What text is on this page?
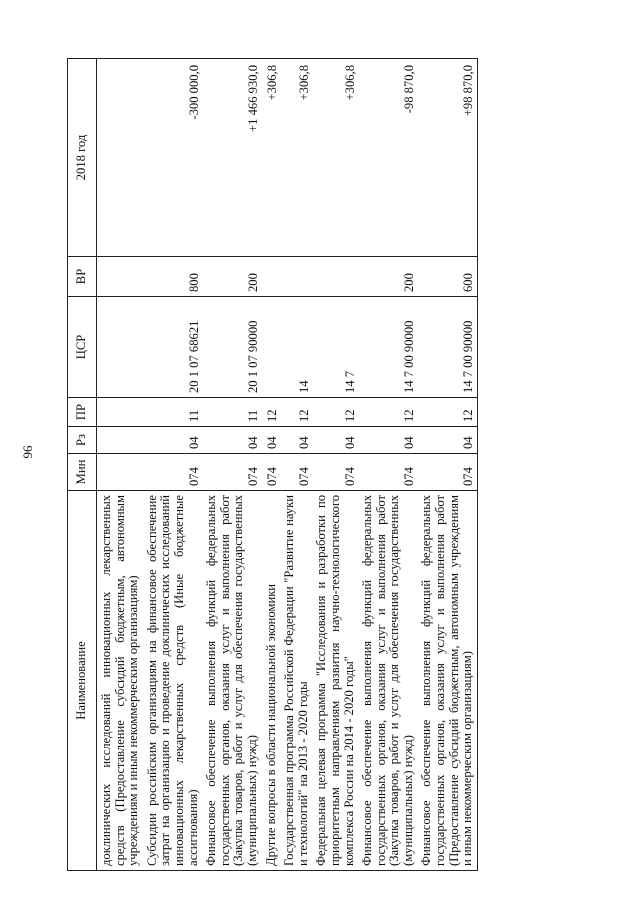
96
Наименование	Мин	Рз	ПР	ЦСР	ВР	2018 год
доклинических исследований инновационных лекарственных средств (Предоставление субсидий бюджетным, автономным учреждениям и иным некоммерческим организациям)						
Субсидии российским организациям на финансовое обеспечение затрат на организацию и проведение доклинических исследований инновационных лекарственных средств (Иные бюджетные ассигнования)	074	04	11	20 1 07 68621	800	-300 000,0
Финансовое обеспечение выполнения функций федеральных государственных органов, оказания услуг и выполнения работ (Закупка товаров, работ и услуг для обеспечения государственных (муниципальных) нужд)	074	04	11	20 1 07 90000	200	+1 466 930,0
Другие вопросы в области национальной экономики	074	04	12			+306,8
Государственная программа Российской Федерации "Развитие науки и технологий" на 2013 - 2020 годы	074	04	12	14		+306,8
Федеральная целевая программа "Исследования и разработки по приоритетным направлениям развития научно-технологического комплекса России на 2014 - 2020 годы"	074	04	12	14 7		+306,8
Финансовое обеспечение выполнения функций федеральных государственных органов, оказания услуг и выполнения работ (Закупка товаров, работ и услуг для обеспечения государственных (муниципальных) нужд)	074	04	12	14 7 00 90000	200	-98 870,0
Финансовое обеспечение выполнения функций федеральных государственных органов, оказания услуг и выполнения работ (Предоставление субсидий бюджетным, автономным учреждениям и иным некоммерческим организациям)	074	04	12	14 7 00 90000	600	+98 870,0
